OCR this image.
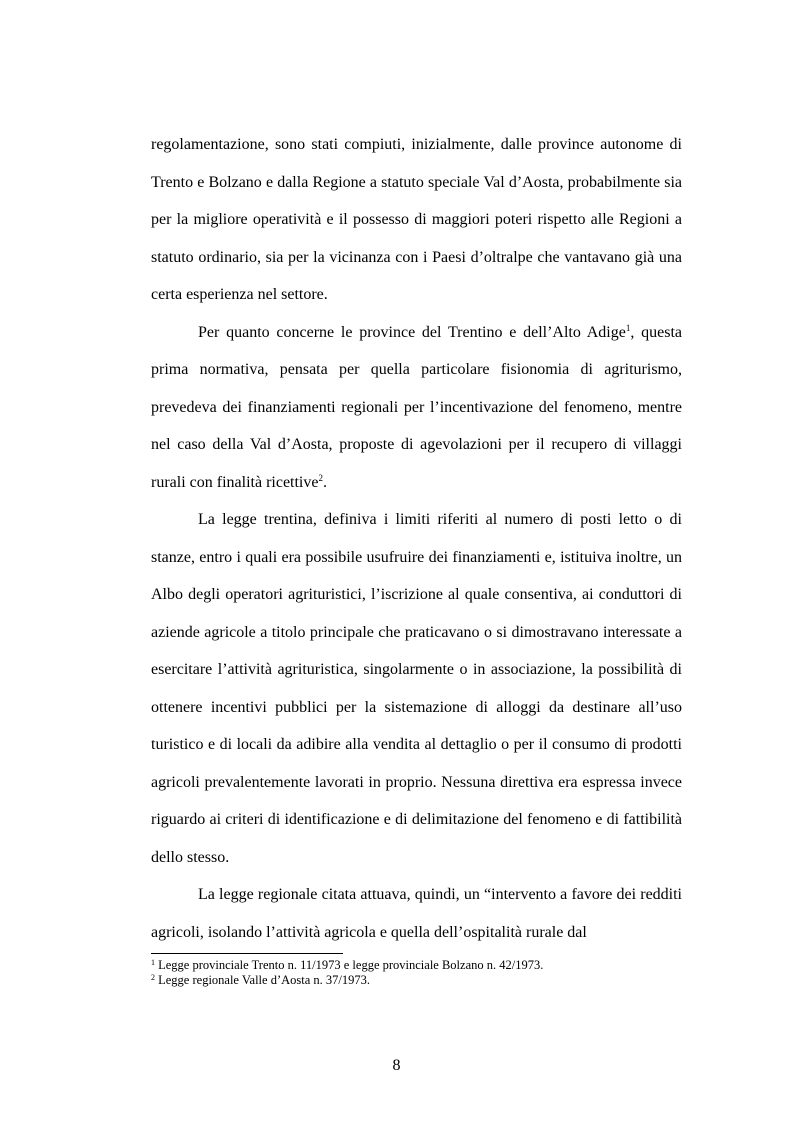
regolamentazione, sono stati compiuti, inizialmente, dalle province autonome di Trento e Bolzano e dalla Regione a statuto speciale Val d’Aosta, probabilmente sia per la migliore operatività e il possesso di maggiori poteri rispetto alle Regioni a statuto ordinario, sia per la vicinanza con i Paesi d’oltralpe che vantavano già una certa esperienza nel settore.

Per quanto concerne le province del Trentino e dell’Alto Adige$^1$, questa prima normativa, pensata per quella particolare fisionomia di agriturismo, prevedeva dei finanziamenti regionali per l’incentivazione del fenomeno, mentre nel caso della Val d’Aosta, proposte di agevolazioni per il recupero di villaggi rurali con finalità ricettive$^2$.

La legge trentina, definiva i limiti riferiti al numero di posti letto o di stanze, entro i quali era possibile usufruire dei finanziamenti e, istituiva inoltre, un Albo degli operatori agrituristici, l’iscrizione al quale consentiva, ai conduttori di aziende agricole a titolo principale che praticavano o si dimostravano interessate a esercitare l’attività agrituristica, singolarmente o in associazione, la possibilità di ottenere incentivi pubblici per la sistemazione di alloggi da destinare all’uso turistico e di locali da adibire alla vendita al dettaglio o per il consumo di prodotti agricoli prevalentemente lavorati in proprio. Nessuna direttiva era espressa invece riguardo ai criteri di identificazione e di delimitazione del fenomeno e di fattibilità dello stesso.

La legge regionale citata attuava, quindi, un “intervento a favore dei redditi agricoli, isolando l’attività agricola e quella dell’ospitalità rurale dal

$^1$ Legge provinciale Trento n. 11/1973 e legge provinciale Bolzano n. 42/1973.
$^2$ Legge regionale Valle d’Aosta n. 37/1973.
8
